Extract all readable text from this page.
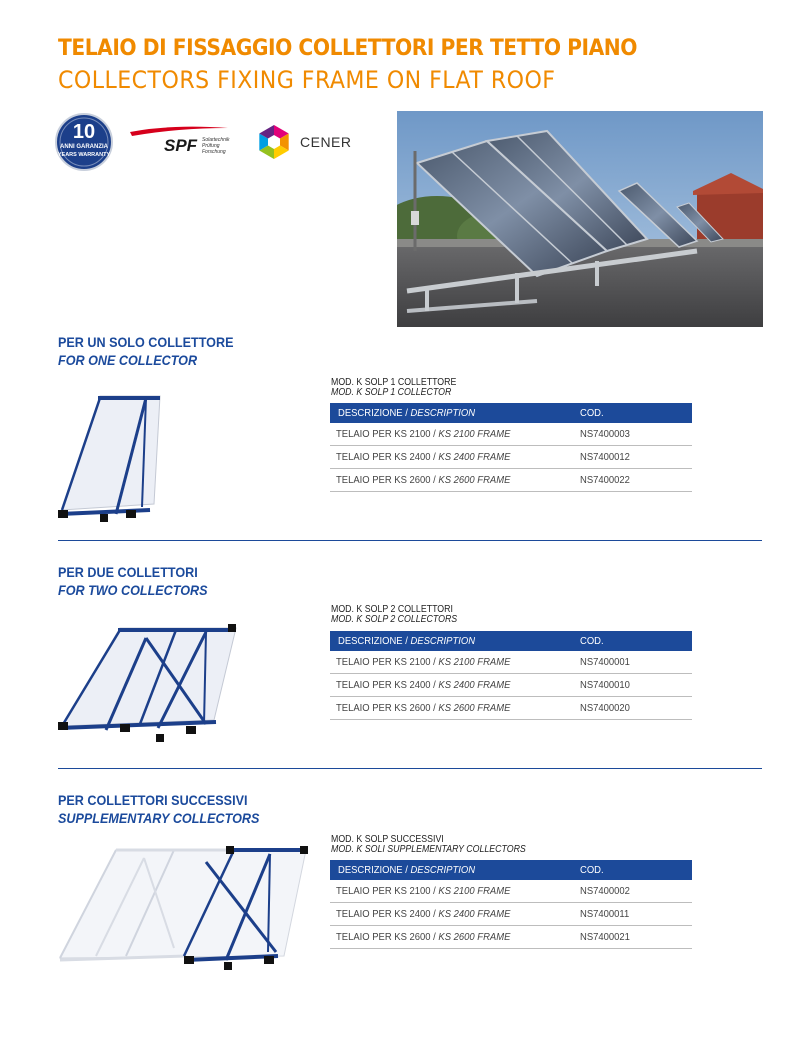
TELAIO DI FISSAGGIO COLLETTORI PER TETTO PIANO
COLLECTORS FIXING FRAME ON FLAT ROOF
10
ANNI GARANZIA
YEARS WARRANTY	SPF Solartechnik
Prüfung
Forschung
CENER
PER UN SOLO COLLETTORE
FOR ONE COLLECTOR
MOD. K SOLP 1 COLLETTORE
MOD. K SOLP 1 COLLECTOR
DESCRIZIONE / DESCRIPTION	COD.
TELAIO PER KS 2100 / KS 2100 FRAME	NS7400003
TELAIO PER KS 2400 / KS 2400 FRAME	NS7400012
TELAIO PER KS 2600 / KS 2600 FRAME	NS7400022
PER DUE COLLETTORI
FOR TWO COLLECTORS
MOD. K SOLP 2 COLLETTORI
MOD. K SOLP 2 COLLECTORS
DESCRIZIONE / DESCRIPTION	COD.
TELAIO PER KS 2100 / KS 2100 FRAME	NS7400001
TELAIO PER KS 2400 / KS 2400 FRAME	NS7400010
TELAIO PER KS 2600 / KS 2600 FRAME	NS7400020
PER COLLETTORI SUCCESSIVI
SUPPLEMENTARY COLLECTORS
MOD. K SOLP SUCCESSIVI
MOD. K SOLI SUPPLEMENTARY COLLECTORS
DESCRIZIONE / DESCRIPTION	COD.
TELAIO PER KS 2100 / KS 2100 FRAME	NS7400002
TELAIO PER KS 2400 / KS 2400 FRAME	NS7400011
TELAIO PER KS 2600 / KS 2600 FRAME	NS7400021
